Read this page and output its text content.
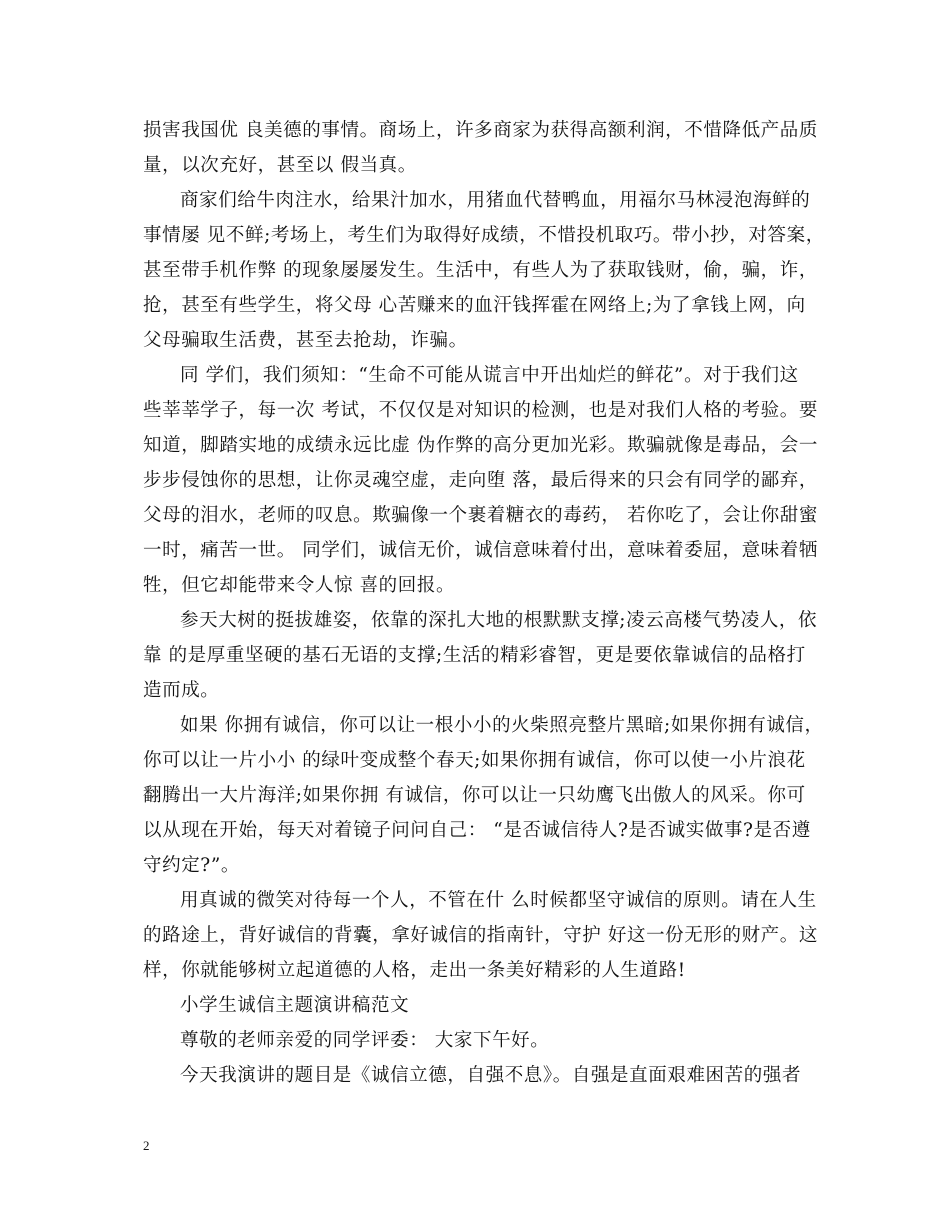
损害我国优 良美德的事情。商场上，许多商家为获得高额利润，不惜降低产品质
量，以次充好，甚至以 假当真。
商家们给牛肉注水，给果汁加水，用猪血代替鸭血，用福尔马林浸泡海鲜的
事情屡 见不鲜;考场上，考生们为取得好成绩，不惜投机取巧。带小抄，对答案，
甚至带手机作弊 的现象屡屡发生。生活中，有些人为了获取钱财，偷，骗，诈，
抢，甚至有些学生，将父母 心苦赚来的血汗钱挥霍在网络上;为了拿钱上网，向
父母骗取生活费，甚至去抢劫，诈骗。
同 学们，我们须知：“生命不可能从谎言中开出灿烂的鲜花”。对于我们这
些莘莘学子，每一次 考试，不仅仅是对知识的检测，也是对我们人格的考验。要
知道，脚踏实地的成绩永远比虚 伪作弊的高分更加光彩。欺骗就像是毒品，会一
步步侵蚀你的思想，让你灵魂空虚，走向堕 落，最后得来的只会有同学的鄙弃，
父母的泪水，老师的叹息。欺骗像一个裹着糖衣的毒药， 若你吃了，会让你甜蜜
一时，痛苦一世。 同学们，诚信无价，诚信意味着付出，意味着委屈，意味着牺
牲，但它却能带来令人惊 喜的回报。
参天大树的挺拔雄姿，依靠的深扎大地的根默默支撑;凌云高楼气势凌人，依
靠 的是厚重坚硬的基石无语的支撑;生活的精彩睿智，更是要依靠诚信的品格打
造而成。
如果 你拥有诚信，你可以让一根小小的火柴照亮整片黑暗;如果你拥有诚信，
你可以让一片小小 的绿叶变成整个春天;如果你拥有诚信，你可以使一小片浪花
翻腾出一大片海洋;如果你拥 有诚信，你可以让一只幼鹰飞出傲人的风采。你可
以从现在开始，每天对着镜子问问自己： “是否诚信待人?是否诚实做事?是否遵
守约定?”。
用真诚的微笑对待每一个人，不管在什 么时候都坚守诚信的原则。请在人生
的路途上，背好诚信的背囊，拿好诚信的指南针，守护 好这一份无形的财产。这
样，你就能够树立起道德的人格，走出一条美好精彩的人生道路!
小学生诚信主题演讲稿范文
尊敬的老师亲爱的同学评委： 大家下午好。
今天我演讲的题目是《诚信立德，自强不息》。自强是直面艰难困苦的强者
2
